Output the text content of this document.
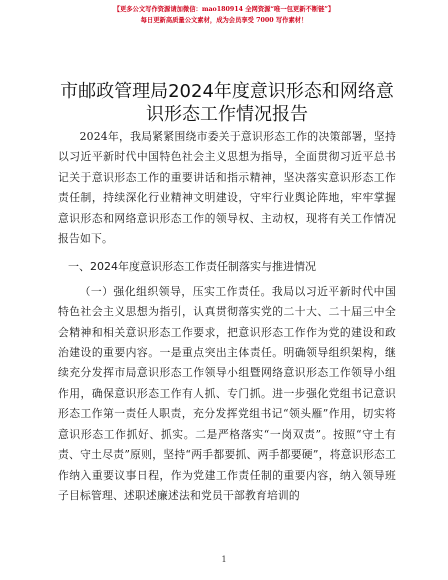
【更多公文写作资源请加微信：mao180914 全网资源“唯一包更新不断链”】
每日更新高质量公文素材，成为会员享受 7000 写作素材！
市邮政管理局2024年度意识形态和网络意识形态工作情况报告

2024年，我局紧紧围绕市委关于意识形态工作的决策部署，坚持以习近平新时代中国特色社会主义思想为指导，全面贯彻习近平总书记关于意识形态工作的重要讲话和指示精神，坚决落实意识形态工作责任制，持续深化行业精神文明建设，守牢行业舆论阵地，牢牢掌握意识形态和网络意识形态工作的领导权、主动权，现将有关工作情况报告如下。

一、2024年度意识形态工作责任制落实与推进情况

（一）强化组织领导，压实工作责任。我局以习近平新时代中国特色社会主义思想为指引，认真贯彻落实党的二十大、二十届三中全会精神和相关意识形态工作要求，把意识形态工作作为党的建设和政治建设的重要内容。一是重点突出主体责任。明确领导组织架构，继续充分发挥市局意识形态工作领导小组暨网络意识形态工作领导小组作用，确保意识形态工作有人抓、专门抓。进一步强化党组书记意识形态工作第一责任人职责，充分发挥党组书记“领头雁”作用，切实将意识形态工作抓好、抓实。二是严格落实“一岗双责”。按照“守土有责、守土尽责”原则，坚持“两手都要抓、两手都要硬”，将意识形态工作纳入重要议事日程，作为党建工作责任制的重要内容，纳入领导班子目标管理、述职述廉述法和党员干部教育培训的

1
